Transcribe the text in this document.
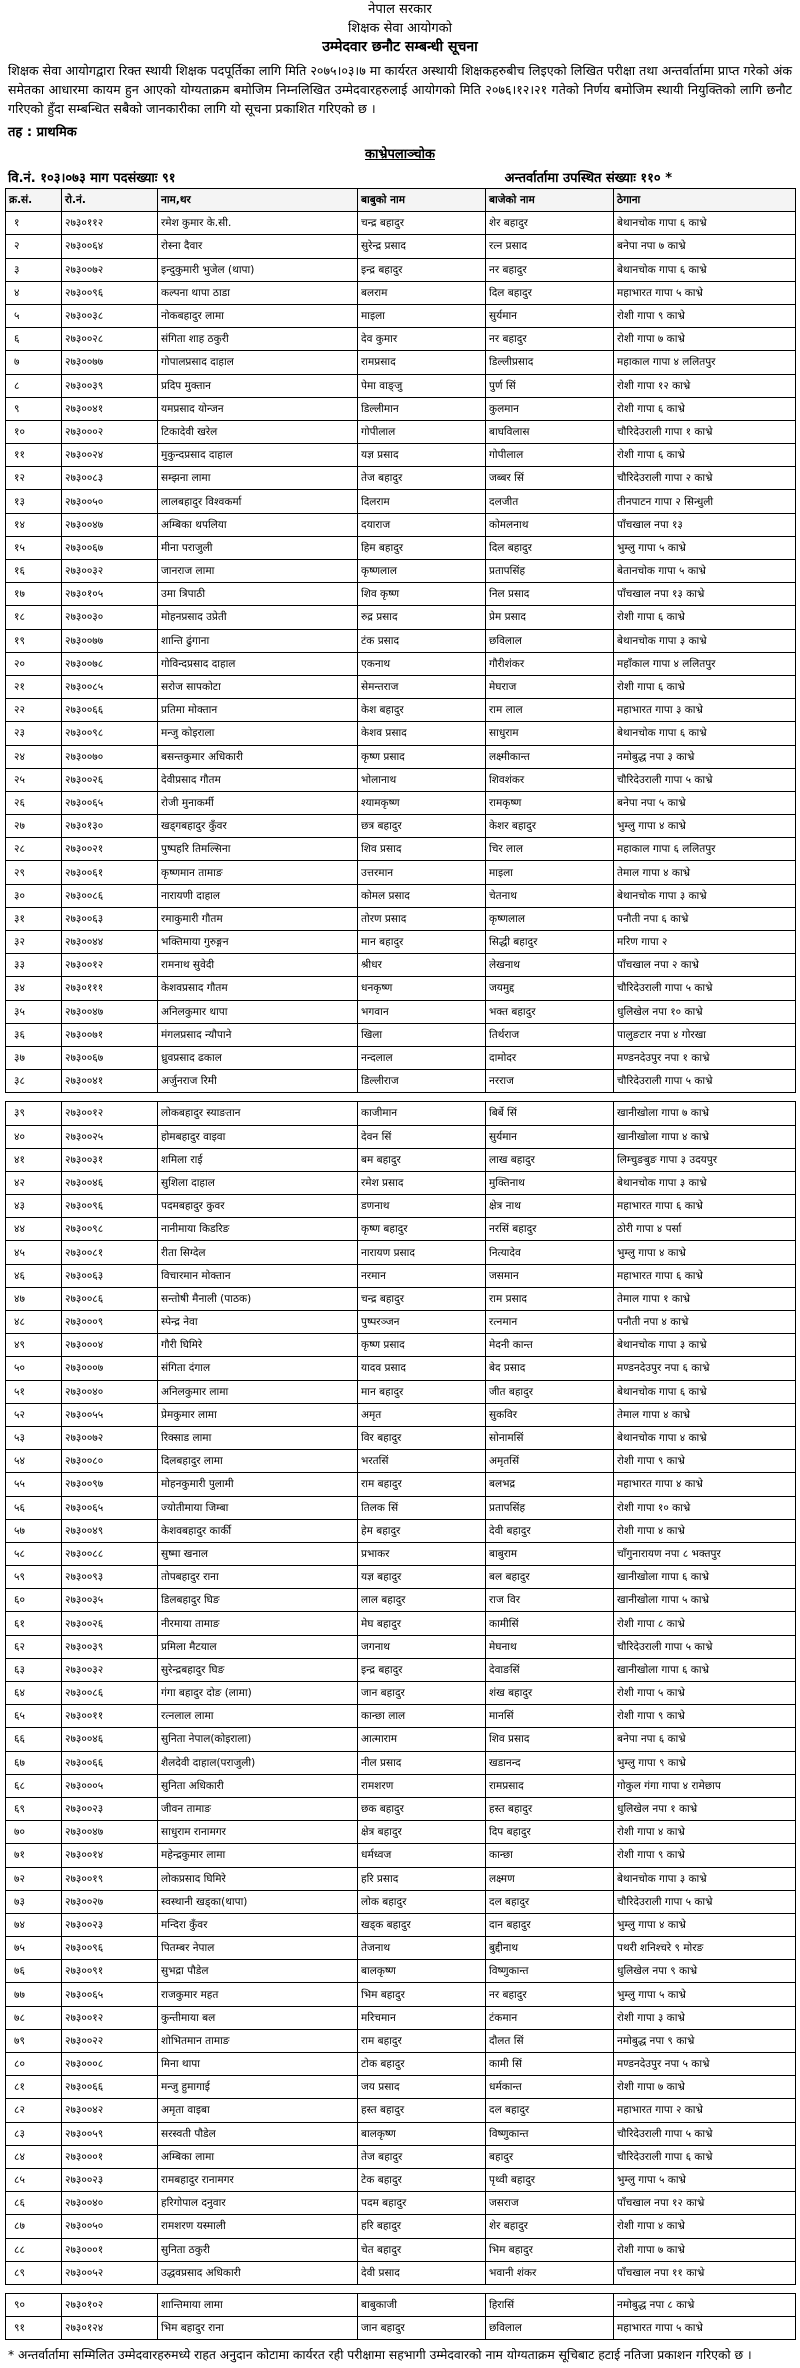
नेपाल सरकार
शिक्षक सेवा आयोगको
उम्मेदवार छनौट सम्बन्धी सूचना
शिक्षक सेवा आयोगद्वारा रिक्त स्थायी शिक्षक पदपूर्तिका लागि मिति २०७५।०३।७ मा कार्यरत अस्थायी शिक्षकहरुबीच लिइएको लिखित परीक्षा तथा अन्तर्वार्तामा प्राप्त गरेको अंक समेतका आधारमा कायम हुन आएको योग्यताक्रम बमोजिम निम्नलिखित उम्मेदवारहरुलाई आयोगको मिति २०७६।१२।२१ गतेको निर्णय बमोजिम स्थायी नियुक्तिको लागि छनौट गरिएको हुँदा सम्बन्धित सबैको जानकारीका लागि यो सूचना प्रकाशित गरिएको छ ।
तह : प्राथमिक
काभ्रेपलाञ्चोक
वि.नं. १०३।०७३ माग पदसंख्याः ९१	अन्तर्वार्तामा उपस्थित संख्याः ११० *
क्र.सं.	रो.नं.	नाम,थर	बाबुको नाम	बाजेको नाम	ठेगाना
१	२७३०११२	रमेश कुमार के.सी.	चन्द्र बहादुर	शेर बहादुर	बेथानचोक गापा ६ काभ्रे
२	२७३००६४	रोस्ना दैवार	सुरेन्द्र प्रसाद	रत्न प्रसाद	बनेपा नपा ७ काभ्रे
३	२७३००७२	इन्दुकुमारी भुजेल (थापा)	इन्द्र बहादुर	नर बहादुर	बेथानचोक गापा ६ काभ्रे
४	२७३००९६	कल्पना थापा ठाडा	बलराम	दिल बहादुर	महाभारत गापा ५ काभ्रे
५	२७३००३८	नोकबहादुर लामा	माइला	सुर्यमान	रोशी गापा ९ काभ्रे
६	२७३००२८	संगिता शाह ठकुरी	देव कुमार	नर बहादुर	रोशी गापा ७ काभ्रे
७	२७३००७७	गोपालप्रसाद दाहाल	रामप्रसाद	डिल्लीप्रसाद	महाकाल गापा ४ ललितपुर
८	२७३००३९	प्रदिप मुक्तान	पेमा वाङ्जु	पुर्ण सिं	रोशी गापा १२ काभ्रे
९	२७३००४१	यमप्रसाद योन्जन	डिल्लीमान	कुलमान	रोशी गापा ६ काभ्रे
१०	२७३०००२	टिकादेवी खरेल	गोपीलाल	बाघविलास	चौरिदेउराली गापा १ काभ्रे
११	२७३००२४	मुकुन्दप्रसाद दाहाल	यज्ञ प्रसाद	गोपीलाल	रोशी गापा ६ काभ्रे
१२	२७३००८३	सम्झना लामा	तेज बहादुर	जब्बर सिं	चौरिदेउराली गापा २ काभ्रे
१३	२७३००५०	लालबहादुर विश्वकर्मा	दिलराम	दलजीत	तीनपाटन गापा २ सिन्धुली
१४	२७३००४७	अम्बिका थपलिया	दयाराज	कोमलनाथ	पाँचखाल नपा १३
१५	२७३००६७	मीना पराजुली	हिम बहादुर	दिल बहादुर	भुम्लु गापा ५ काभ्रे
१६	२७३००३२	जानराज लामा	कृष्णलाल	प्रतापसिंह	बेतानचोक गापा ५ काभ्रे
१७	२७३०१०५	उमा त्रिपाठी	शिव कृष्ण	निल प्रसाद	पाँचखाल नपा १३ काभ्रे
१८	२७३००३०	मोहनप्रसाद उप्रेती	रुद्र प्रसाद	प्रेम प्रसाद	रोशी गापा ६ काभ्रे
१९	२७३००७७	शान्ति ढुंगाना	टंक प्रसाद	छविलाल	बेथानचोक गापा ३ काभ्रे
२०	२७३००७८	गोविन्दप्रसाद दाहाल	एकनाथ	गौरीशंकर	महाँकाल गापा ४ ललितपुर
२१	२७३००८५	सरोज सापकोटा	सेमन्तराज	मेघराज	रोशी गापा ६ काभ्रे
२२	२७३००६६	प्रतिमा मोक्तान	केश बहादुर	राम लाल	महाभारत गापा ३ काभ्रे
२३	२७३००९८	मन्जु कोइराला	केशव प्रसाद	साधुराम	बेथानचोक गापा ६ काभ्रे
२४	२७३००७०	बसन्तकुमार अधिकारी	कृष्ण प्रसाद	लक्ष्मीकान्त	नमोबुद्ध नपा ३ काभ्रे
२५	२७३००२६	देवीप्रसाद गौतम	भोलानाथ	शिवशंकर	चौरिदेउराली गापा ५ काभ्रे
२६	२७३००६५	रोजी मुनाकर्मी	श्यामकृष्ण	रामकृष्ण	बनेपा नपा ५ काभ्रे
२७	२७३०१३०	खड्गबहादुर कुँवर	छत्र बहादुर	केशर बहादुर	भुम्लु गापा ४ काभ्रे
२८	२७३००२१	पुष्पहरि तिमल्सिना	शिव प्रसाद	चिर लाल	महाकाल गापा ६ ललितपुर
२९	२७३००६१	कृष्णमान तामाङ	उत्तरमान	माइला	तेमाल गापा ४ काभ्रे
३०	२७३००८६	नारायणी दाहाल	कोमल प्रसाद	चेतनाथ	बेथानचोक गापा ३ काभ्रे
३१	२७३००६३	रमाकुमारी गौतम	तोरण प्रसाद	कृष्णलाल	पनौती नपा ६ काभ्रे
३२	२७३००४४	भक्तिमाया गुरुङ्गन	मान बहादुर	सिद्धी बहादुर	मरिण गापा २
३३	२७३००१२	रामनाथ सुवेदी	श्रीधर	लेखनाथ	पाँचखाल नपा २ काभ्रे
३४	२७३०१११	केशवप्रसाद गौतम	धनकृष्ण	जयमुद्द	चौरिदेउराली गापा ५ काभ्रे
३५	२७३००४७	अनिलकुमार थापा	भगवान	भक्त बहादुर	धुलिखेल नपा १० काभ्रे
३६	२७३००७१	मंगलप्रसाद न्यौपाने	खिला	तिर्थराज	पालुङटार नपा ४ गोरखा
३७	२७३००६७	ध्रुवप्रसाद ढकाल	नन्दलाल	दामोदर	मण्डनदेउपुर नपा १ काभ्रे
३८	२७३००४१	अर्जुनराज रिमी	डिल्लीराज	नरराज	चौरिदेउराली गापा ५ काभ्रे

३९	२७३००१२	लोकबहादुर स्याङतान	काजीमान	बिर्बे सिं	खानीखोला गापा ७ काभ्रे
४०	२७३००२५	होमबहादुर वाइवा	देवन सिं	सुर्यमान	खानीखोला गापा ४ काभ्रे
४१	२७३००३१	शमिला राई	बम बहादुर	लाख बहादुर	लिम्चुङबुङ गापा ३ उदयपुर
४२	२७३००४६	सुशिला दाहाल	रमेश प्रसाद	मुक्तिनाथ	बेथानचोक गापा ३ काभ्रे
४३	२७३००९६	पदमबहादुर कुवर	डणनाथ	क्षेत्र नाथ	महाभारत गापा ६ काभ्रे
४४	२७३००९८	नानीमाया किडरिङ	कृष्ण बहादुर	नरसिं बहादुर	ठोरी गापा ४ पर्सा
४५	२७३००८१	रीता सिग्देल	नारायण प्रसाद	नित्यादेव	भुम्लु गापा ४ काभ्रे
४६	२७३००६३	विचारमान मोक्तान	नरमान	जसमान	महाभारत गापा ६ काभ्रे
४७	२७३००८६	सन्तोषी मैनाली (पाठक)	चन्द्र बहादुर	राम प्रसाद	तेमाल गापा १ काभ्रे
४८	२७३०००९	स्पेन्द्र नेवा	पुष्परञ्जन	रत्नमान	पनौती नपा ४ काभ्रे
४९	२७३०००४	गौरी घिमिरे	कृष्ण प्रसाद	मेदनी कान्त	बेथानचोक गापा ३ काभ्रे
५०	२७३०००७	संगिता दंगाल	यादव प्रसाद	बेद प्रसाद	मण्डनदेउपुर नपा ६ काभ्रे
५१	२७३००४०	अनिलकुमार लामा	मान बहादुर	जीत बहादुर	बेथानचोक गापा ६ काभ्रे
५२	२७३००५५	प्रेमकुमार लामा	अमृत	सुकविर	तेमाल गापा ४ काभ्रे
५३	२७३००७२	रिक्साड लामा	विर बहादुर	सोनामसिं	बेथानचोक गापा ४ काभ्रे
५४	२७३००८०	दिलबहादुर लामा	भरतसिं	अमृतसिं	रोशी गापा ९ काभ्रे
५५	२७३००९७	मोहनकुमारी पुलामी	राम बहादुर	बलभद्र	महाभारत गापा ४ काभ्रे
५६	२७३००६५	ज्योतीमाया जिम्बा	तिलक सिं	प्रतापसिंह	रोशी गापा १० काभ्रे
५७	२७३००४९	केशवबहादुर कार्की	हेम बहादुर	देवी बहादुर	रोशी गापा ४ काभ्रे
५८	२७३००८८	सुष्मा खनाल	प्रभाकर	बाबुराम	चाँगुनारायण नपा ८ भक्तपुर
५९	२७३००९३	तोपबहादुर राना	यज्ञ बहादुर	बल बहादुर	खानीखोला गापा ६ काभ्रे
६०	२७३००३५	डिलबहादुर घिङ	लाल बहादुर	राज विर	खानीखोला गापा ५ काभ्रे
६१	२७३००२६	नीरमाया तामाङ	मेघ बहादुर	कामीसिं	रोशी गापा ८ काभ्रे
६२	२७३००३९	प्रमिला मैटयाल	जगनाथ	मेघनाथ	चौरिदेउराली गापा ५ काभ्रे
६३	२७३००३२	सुरेन्द्रबहादुर घिङ	इन्द्र बहादुर	देवाङसिं	खानीखोला गापा ६ काभ्रे
६४	२७३००८६	गंगा बहादुर दोङ (लामा)	जान बहादुर	शंख बहादुर	रोशी गापा ५ काभ्रे
६५	२७३००११	रत्नलाल लामा	कान्छा लाल	मानसिं	रोशी गापा ९ काभ्रे
६६	२७३००४६	सुनिता नेपाल(कोइराला)	आत्माराम	शिव प्रसाद	बनेपा नपा ६ काभ्रे
६७	२७३००६६	शैलदेवी दाहाल(पराजुली)	नील प्रसाद	खडानन्द	भुम्लु गापा ९ काभ्रे
६८	२७३०००५	सुनिता अधिकारी	रामशरण	रामप्रसाद	गोकुल गंगा गापा ४ रामेछाप
६९	२७३००२३	जीवन तामाङ	छक बहादुर	हस्त बहादुर	धुलिखेल नपा १ काभ्रे
७०	२७३००४७	साधुराम रानामगर	क्षेत्र बहादुर	दिप बहादुर	रोशी गापा ४ काभ्रे
७१	२७३००१४	महेन्द्रकुमार लामा	धर्मध्वज	कान्छा	रोशी गापा ९ काभ्रे
७२	२७३००१९	लोकप्रसाद घिमिरे	हरि प्रसाद	लक्ष्मण	बेथानचोक गापा ३ काभ्रे
७३	२७३००२७	स्वस्थानी खड्का(थापा)	लोक बहादुर	दल बहादुर	चौरिदेउराली गापा ५ काभ्रे
७४	२७३००२३	मन्दिरा कुँवर	खड्क बहादुर	दान बहादुर	भुम्लु गापा ४ काभ्रे
७५	२७३००९६	पितम्बर नेपाल	तेजनाथ	बुद्दीनाथ	पथरी शनिश्चरे ९ मोरङ
७६	२७३००९१	सुभद्रा पौडेल	बालकृष्ण	विष्णुकान्त	धुलिखेल नपा ९ काभ्रे
७७	२७३००६५	राजकुमार महत	भिम बहादुर	नर बहादुर	भुम्लु गापा ५ काभ्रे
७८	२७३००१२	कुन्तीमाया बल	मरिचमान	टंकमान	रोशी गापा ३ काभ्रे
७९	२७३००२२	शोभितमान तामाङ	राम बहादुर	दौलत सिं	नमोबुद्ध नपा ९ काभ्रे
८०	२७३०००८	मिना थापा	टोक बहादुर	कामी सिं	मण्डनदेउपुर नपा ५ काभ्रे
८१	२७३००६६	मन्जु हुमागाई	जय प्रसाद	धर्मकान्त	रोशी गापा ७ काभ्रे
८२	२७३००४२	अमृता वाइबा	हस्त बहादुर	दल बहादुर	महाभारत गापा २ काभ्रे
८३	२७३००५९	सरस्वती पौडेल	बालकृष्ण	विष्णुकान्त	चौरिदेउराली गापा ५ काभ्रे
८४	२७३०००१	अम्बिका लामा	तेज बहादुर	बहादुर	चौरिदेउराली गापा ६ काभ्रे
८५	२७३००२३	रामबहादुर रानामगर	टेक बहादुर	पृथ्वी बहादुर	भुम्लु गापा ५ काभ्रे
८६	२७३००४०	हरिगोपाल दनुवार	पदम बहादुर	जसराज	पाँचखाल नपा १२ काभ्रे
८७	२७३००५०	रामशरण यस्माली	हरि बहादुर	शेर बहादुर	रोशी गापा ४ काभ्रे
८८	२७३०००१	सुनिता ठकुरी	चेत बहादुर	भिम बहादुर	रोशी गापा ७ काभ्रे
८९	२७३००५२	उद्धवप्रसाद अधिकारी	देवी प्रसाद	भवानी शंकर	पाँचखाल नपा ११ काभ्रे

९०	२७३०१०२	शान्तिमाया लामा	बाबुकाजी	हिरासिं	नमोबुद्ध नपा ८ काभ्रे
९१	२७३०१२४	भिम बहादुर राना	जान बहादुर	छविलाल	महाभारत गापा ५ काभ्रे
* अन्तर्वार्तामा सम्मिलित उम्मेदवारहरुमध्ये राहत अनुदान कोटामा कार्यरत रही परीक्षामा सहभागी उम्मेदवारको नाम योग्यताक्रम सूचिबाट हटाई नतिजा प्रकाशन गरिएको छ ।
